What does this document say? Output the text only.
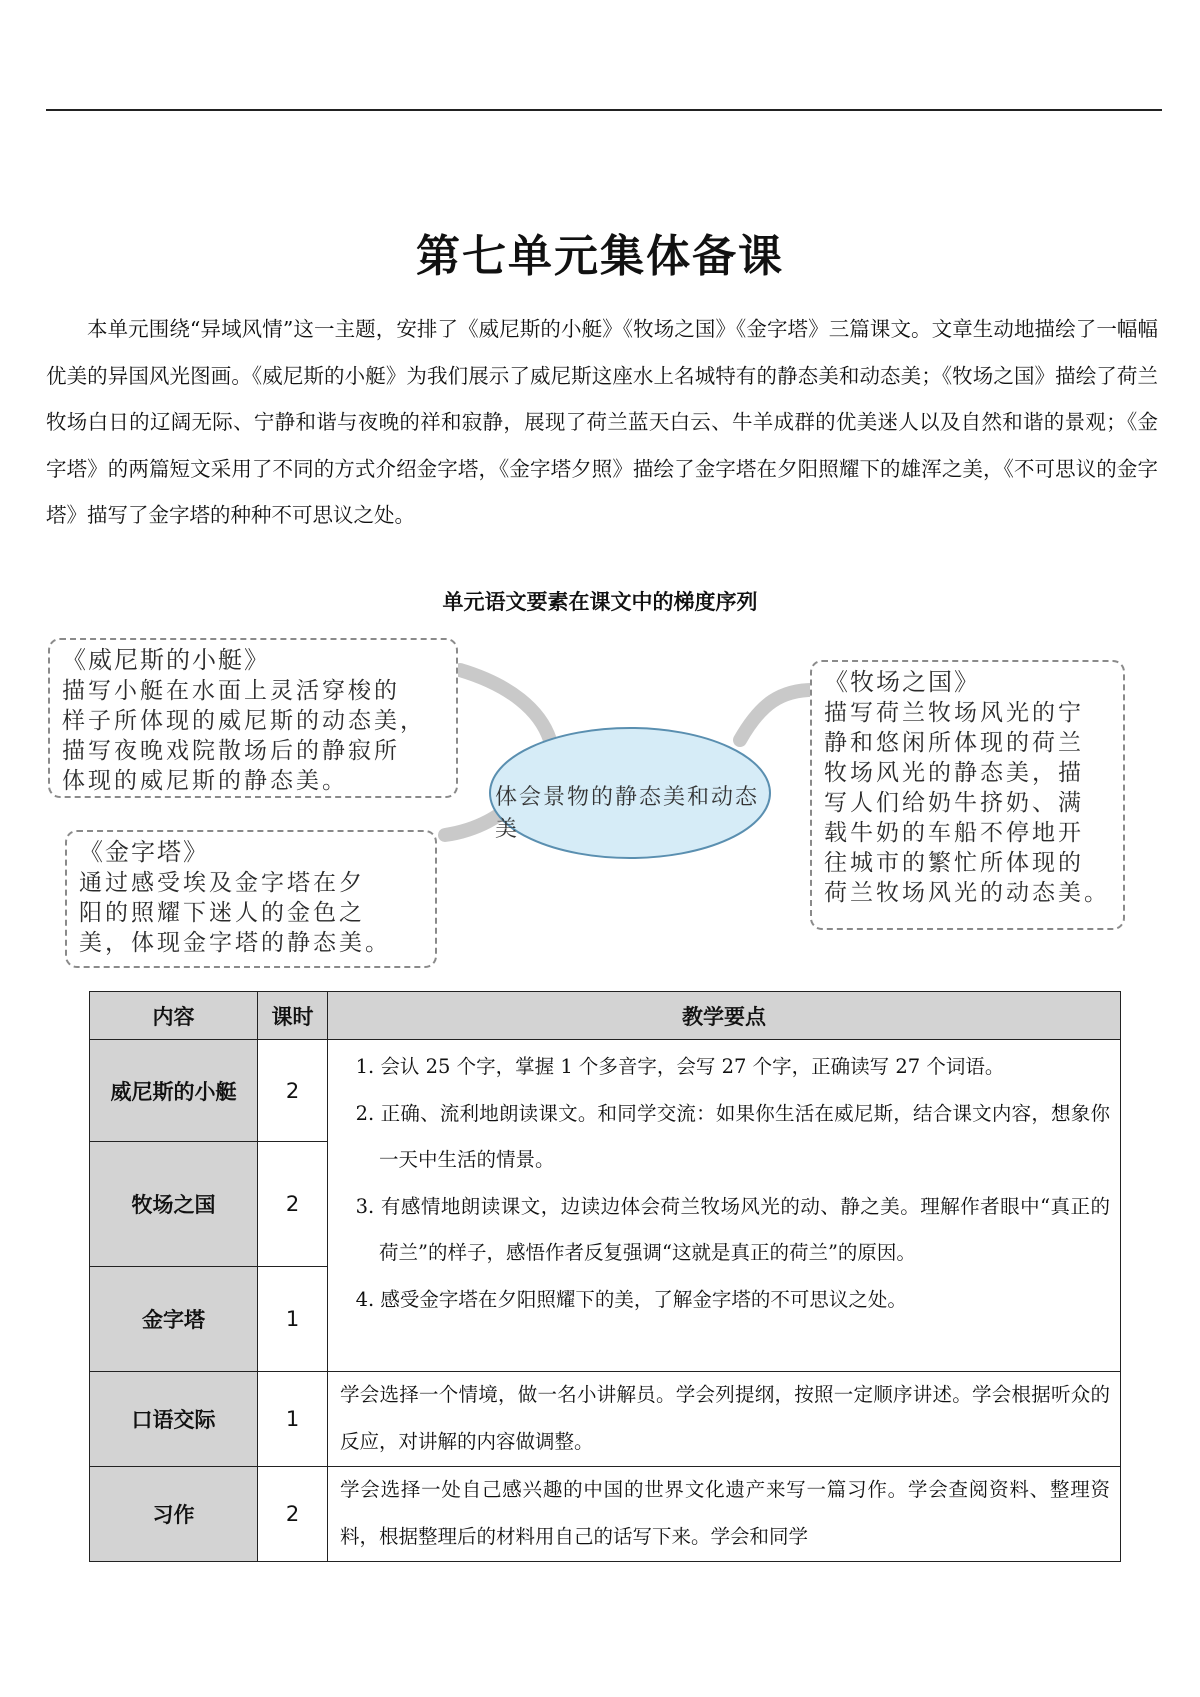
第七单元集体备课

本单元围绕“异域风情”这一主题，安排了《威尼斯的小艇》《牧场之国》《金字塔》三篇课文。文章生动地描绘了一幅幅优美的异国风光图画。《威尼斯的小艇》为我们展示了威尼斯这座水上名城特有的静态美和动态美；《牧场之国》描绘了荷兰牧场白日的辽阔无际、宁静和谐与夜晚的祥和寂静，展现了荷兰蓝天白云、牛羊成群的优美迷人以及自然和谐的景观；《金字塔》的两篇短文采用了不同的方式介绍金字塔，《金字塔夕照》描绘了金字塔在夕阳照耀下的雄浑之美，《不可思议的金字塔》描写了金字塔的种种不可思议之处。

单元语文要素在课文中的梯度序列
《威尼斯的小艇》
描写小艇在水面上灵活穿梭的
样子所体现的威尼斯的动态美，
描写夜晚戏院散场后的静寂所
体现的威尼斯的静态美。
体会景物的静态美和动态美
《金字塔》
通过感受埃及金字塔在夕
阳的照耀下迷人的金色之
美，体现金字塔的静态美。
《牧场之国》
描写荷兰牧场风光的宁
静和悠闲所体现的荷兰
牧场风光的静态美，描
写人们给奶牛挤奶、满
载牛奶的车船不停地开
往城市的繁忙所体现的
荷兰牧场风光的动态美。
内容	课时	教学要点
威尼斯的小艇	2	1. 会认 25 个字，掌握 1 个多音字，会写 27 个字，正确读写 27 个词语。

2. 正确、流利地朗读课文。和同学交流：如果你生活在威尼斯，结合课文内容，想象你一天中生活的情景。

3. 有感情地朗读课文，边读边体会荷兰牧场风光的动、静之美。理解作者眼中“真正的荷兰”的样子，感悟作者反复强调“这就是真正的荷兰”的原因。

4. 感受金字塔在夕阳照耀下的美，了解金字塔的不可思议之处。

牧场之国	2	
金字塔	1	
口语交际	1	学会选择一个情境，做一名小讲解员。学会列提纲，按照一定顺序讲述。学会根据听众的反应，对讲解的内容做调整。

习作	2	学会选择一处自己感兴趣的中国的世界文化遗产来写一篇习作。学会查阅资料、整理资料，根据整理后的材料用自己的话写下来。学会和同学
